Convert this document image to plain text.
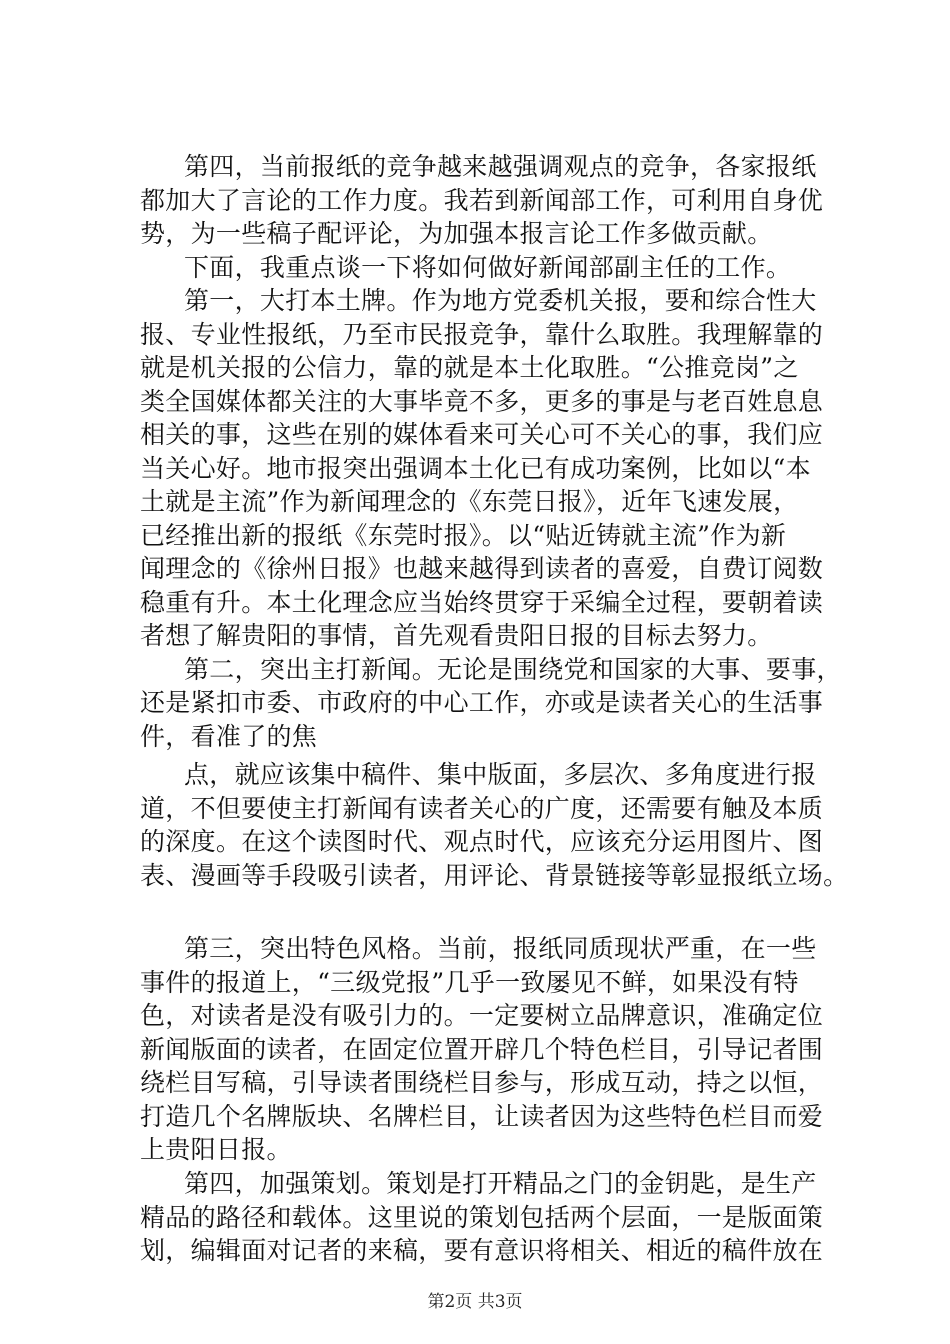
第四，当前报纸的竞争越来越强调观点的竞争，各家报纸
都加大了言论的工作力度。我若到新闻部工作，可利用自身优
势，为一些稿子配评论，为加强本报言论工作多做贡献。
下面，我重点谈一下将如何做好新闻部副主任的工作。
第一，大打本土牌。作为地方党委机关报，要和综合性大
报、专业性报纸，乃至市民报竞争，靠什么取胜。我理解靠的
就是机关报的公信力，靠的就是本土化取胜。“公推竞岗”之
类全国媒体都关注的大事毕竟不多，更多的事是与老百姓息息
相关的事，这些在别的媒体看来可关心可不关心的事，我们应
当关心好。地市报突出强调本土化已有成功案例，比如以“本
土就是主流”作为新闻理念的《东莞日报》，近年飞速发展，
已经推出新的报纸《东莞时报》。以“贴近铸就主流”作为新
闻理念的《徐州日报》也越来越得到读者的喜爱，自费订阅数
稳重有升。本土化理念应当始终贯穿于采编全过程，要朝着读
者想了解贵阳的事情，首先观看贵阳日报的目标去努力。
第二，突出主打新闻。无论是围绕党和国家的大事、要事，
还是紧扣市委、市政府的中心工作，亦或是读者关心的生活事
件，看准了的焦
点，就应该集中稿件、集中版面，多层次、多角度进行报
道，不但要使主打新闻有读者关心的广度，还需要有触及本质
的深度。在这个读图时代、观点时代，应该充分运用图片、图
表、漫画等手段吸引读者，用评论、背景链接等彰显报纸立场。
第三，突出特色风格。当前，报纸同质现状严重，在一些
事件的报道上，“三级党报”几乎一致屡见不鲜，如果没有特
色，对读者是没有吸引力的。一定要树立品牌意识，准确定位
新闻版面的读者，在固定位置开辟几个特色栏目，引导记者围
绕栏目写稿，引导读者围绕栏目参与，形成互动，持之以恒，
打造几个名牌版块、名牌栏目，让读者因为这些特色栏目而爱
上贵阳日报。
第四，加强策划。策划是打开精品之门的金钥匙，是生产
精品的路径和载体。这里说的策划包括两个层面，一是版面策
划，编辑面对记者的来稿，要有意识将相关、相近的稿件放在
第2页 共3页
